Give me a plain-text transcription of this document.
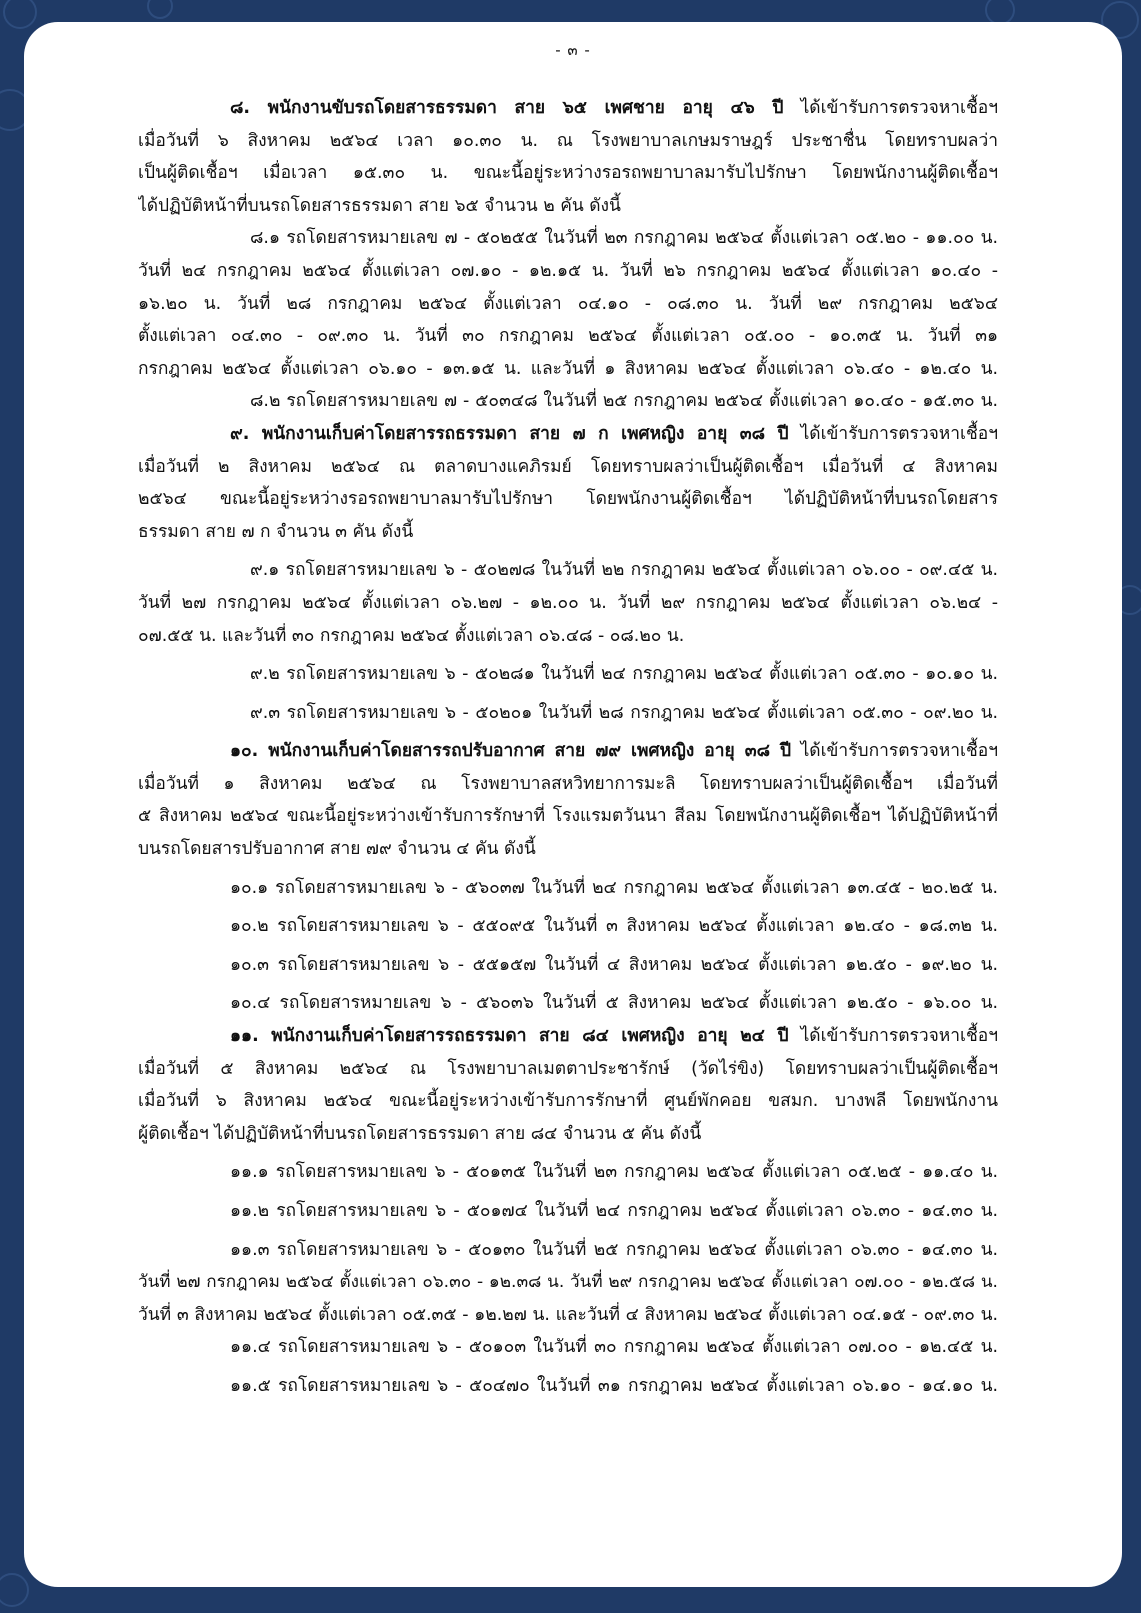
- ๓ -
๘. พนักงานขับรถโดยสารธรรมดา สาย ๖๕ เพศชาย อายุ ๔๖ ปี ได้เข้ารับการตรวจหาเชื้อฯ
เมื่อวันที่ ๖ สิงหาคม ๒๕๖๔ เวลา ๑๐.๓๐ น. ณ โรงพยาบาลเกษมราษฎร์ ประชาชื่น โดยทราบผลว่า
เป็นผู้ติดเชื้อฯ เมื่อเวลา ๑๕.๓๐ น. ขณะนี้อยู่ระหว่างรอรถพยาบาลมารับไปรักษา โดยพนักงานผู้ติดเชื้อฯ
ได้ปฏิบัติหน้าที่บนรถโดยสารธรรมดา สาย ๖๕ จำนวน ๒ คัน ดังนี้
๘.๑ รถโดยสารหมายเลข ๗ - ๕๐๒๕๕ ในวันที่ ๒๓ กรกฎาคม ๒๕๖๔ ตั้งแต่เวลา ๐๕.๒๐ - ๑๑.๐๐ น.
วันที่ ๒๔ กรกฎาคม ๒๕๖๔ ตั้งแต่เวลา ๐๗.๑๐ - ๑๒.๑๕ น. วันที่ ๒๖ กรกฎาคม ๒๕๖๔ ตั้งแต่เวลา ๑๐.๔๐ -
๑๖.๒๐ น. วันที่ ๒๘ กรกฎาคม ๒๕๖๔ ตั้งแต่เวลา ๐๔.๑๐ - ๐๘.๓๐ น. วันที่ ๒๙ กรกฎาคม ๒๕๖๔
ตั้งแต่เวลา ๐๔.๓๐ - ๐๙.๓๐ น. วันที่ ๓๐ กรกฎาคม ๒๕๖๔ ตั้งแต่เวลา ๐๕.๐๐ - ๑๐.๓๕ น. วันที่ ๓๑
กรกฎาคม ๒๕๖๔ ตั้งแต่เวลา ๐๖.๑๐ - ๑๓.๑๕ น. และวันที่ ๑ สิงหาคม ๒๕๖๔ ตั้งแต่เวลา ๐๖.๔๐ - ๑๒.๔๐ น.
๘.๒ รถโดยสารหมายเลข ๗ - ๕๐๓๔๘ ในวันที่ ๒๕ กรกฎาคม ๒๕๖๔ ตั้งแต่เวลา ๑๐.๔๐ - ๑๕.๓๐ น.
๙. พนักงานเก็บค่าโดยสารรถธรรมดา สาย ๗ ก เพศหญิง อายุ ๓๘ ปี ได้เข้ารับการตรวจหาเชื้อฯ
เมื่อวันที่ ๒ สิงหาคม ๒๕๖๔ ณ ตลาดบางแคภิรมย์ โดยทราบผลว่าเป็นผู้ติดเชื้อฯ เมื่อวันที่ ๔ สิงหาคม
๒๕๖๔ ขณะนี้อยู่ระหว่างรอรถพยาบาลมารับไปรักษา โดยพนักงานผู้ติดเชื้อฯ ได้ปฏิบัติหน้าที่บนรถโดยสาร
ธรรมดา สาย ๗ ก จำนวน ๓ คัน ดังนี้
๙.๑ รถโดยสารหมายเลข ๖ - ๕๐๒๗๘ ในวันที่ ๒๒ กรกฎาคม ๒๕๖๔ ตั้งแต่เวลา ๐๖.๐๐ - ๐๙.๔๕ น.
วันที่ ๒๗ กรกฎาคม ๒๕๖๔ ตั้งแต่เวลา ๐๖.๒๗ - ๑๒.๐๐ น. วันที่ ๒๙ กรกฎาคม ๒๕๖๔ ตั้งแต่เวลา ๐๖.๒๔ -
๐๗.๕๕ น. และวันที่ ๓๐ กรกฎาคม ๒๕๖๔ ตั้งแต่เวลา ๐๖.๔๘ - ๐๘.๒๐ น.
๙.๒ รถโดยสารหมายเลข ๖ - ๕๐๒๘๑ ในวันที่ ๒๔ กรกฎาคม ๒๕๖๔ ตั้งแต่เวลา ๐๕.๓๐ - ๑๐.๑๐ น.
๙.๓ รถโดยสารหมายเลข ๖ - ๕๐๒๐๑ ในวันที่ ๒๘ กรกฎาคม ๒๕๖๔ ตั้งแต่เวลา ๐๕.๓๐ - ๐๙.๒๐ น.
๑๐. พนักงานเก็บค่าโดยสารรถปรับอากาศ สาย ๗๙ เพศหญิง อายุ ๓๘ ปี ได้เข้ารับการตรวจหาเชื้อฯ
เมื่อวันที่ ๑ สิงหาคม ๒๕๖๔ ณ โรงพยาบาลสหวิทยาการมะลิ โดยทราบผลว่าเป็นผู้ติดเชื้อฯ เมื่อวันที่
๕ สิงหาคม ๒๕๖๔ ขณะนี้อยู่ระหว่างเข้ารับการรักษาที่ โรงแรมตวันนา สีลม โดยพนักงานผู้ติดเชื้อฯ ได้ปฏิบัติหน้าที่
บนรถโดยสารปรับอากาศ สาย ๗๙ จำนวน ๔ คัน ดังนี้
๑๐.๑ รถโดยสารหมายเลข ๖ - ๕๖๐๓๗ ในวันที่ ๒๔ กรกฎาคม ๒๕๖๔ ตั้งแต่เวลา ๑๓.๔๕ - ๒๐.๒๕ น.
๑๐.๒ รถโดยสารหมายเลข ๖ - ๕๕๐๙๕ ในวันที่ ๓ สิงหาคม ๒๕๖๔ ตั้งแต่เวลา ๑๒.๔๐ - ๑๘.๓๒ น.
๑๐.๓ รถโดยสารหมายเลข ๖ - ๕๕๑๕๗ ในวันที่ ๔ สิงหาคม ๒๕๖๔ ตั้งแต่เวลา ๑๒.๕๐ - ๑๙.๒๐ น.
๑๐.๔ รถโดยสารหมายเลข ๖ - ๕๖๐๓๖ ในวันที่ ๕ สิงหาคม ๒๕๖๔ ตั้งแต่เวลา ๑๒.๕๐ - ๑๖.๐๐ น.
๑๑. พนักงานเก็บค่าโดยสารรถธรรมดา สาย ๘๔ เพศหญิง อายุ ๒๔ ปี ได้เข้ารับการตรวจหาเชื้อฯ
เมื่อวันที่ ๕ สิงหาคม ๒๕๖๔ ณ โรงพยาบาลเมตตาประชารักษ์ (วัดไร่ขิง) โดยทราบผลว่าเป็นผู้ติดเชื้อฯ
เมื่อวันที่ ๖ สิงหาคม ๒๕๖๔ ขณะนี้อยู่ระหว่างเข้ารับการรักษาที่ ศูนย์พักคอย ขสมก. บางพลี โดยพนักงาน
ผู้ติดเชื้อฯ ได้ปฏิบัติหน้าที่บนรถโดยสารธรรมดา สาย ๘๔ จำนวน ๕ คัน ดังนี้
๑๑.๑ รถโดยสารหมายเลข ๖ - ๕๐๑๓๕ ในวันที่ ๒๓ กรกฎาคม ๒๕๖๔ ตั้งแต่เวลา ๐๕.๒๕ - ๑๑.๔๐ น.
๑๑.๒ รถโดยสารหมายเลข ๖ - ๕๐๑๗๔ ในวันที่ ๒๔ กรกฎาคม ๒๕๖๔ ตั้งแต่เวลา ๐๖.๓๐ - ๑๔.๓๐ น.
๑๑.๓ รถโดยสารหมายเลข ๖ - ๕๐๑๓๐ ในวันที่ ๒๕ กรกฎาคม ๒๕๖๔ ตั้งแต่เวลา ๐๖.๓๐ - ๑๔.๓๐ น.
วันที่ ๒๗ กรกฎาคม ๒๕๖๔ ตั้งแต่เวลา ๐๖.๓๐ - ๑๒.๓๘ น. วันที่ ๒๙ กรกฎาคม ๒๕๖๔ ตั้งแต่เวลา ๐๗.๐๐ - ๑๒.๕๘ น.
วันที่ ๓ สิงหาคม ๒๕๖๔ ตั้งแต่เวลา ๐๕.๓๕ - ๑๒.๒๗ น. และวันที่ ๔ สิงหาคม ๒๕๖๔ ตั้งแต่เวลา ๐๔.๑๕ - ๐๙.๓๐ น.
๑๑.๔ รถโดยสารหมายเลข ๖ - ๕๐๑๐๓ ในวันที่ ๓๐ กรกฎาคม ๒๕๖๔ ตั้งแต่เวลา ๐๗.๐๐ - ๑๒.๔๕ น.
๑๑.๕ รถโดยสารหมายเลข ๖ - ๕๐๔๗๐ ในวันที่ ๓๑ กรกฎาคม ๒๕๖๔ ตั้งแต่เวลา ๐๖.๑๐ - ๑๔.๑๐ น.
